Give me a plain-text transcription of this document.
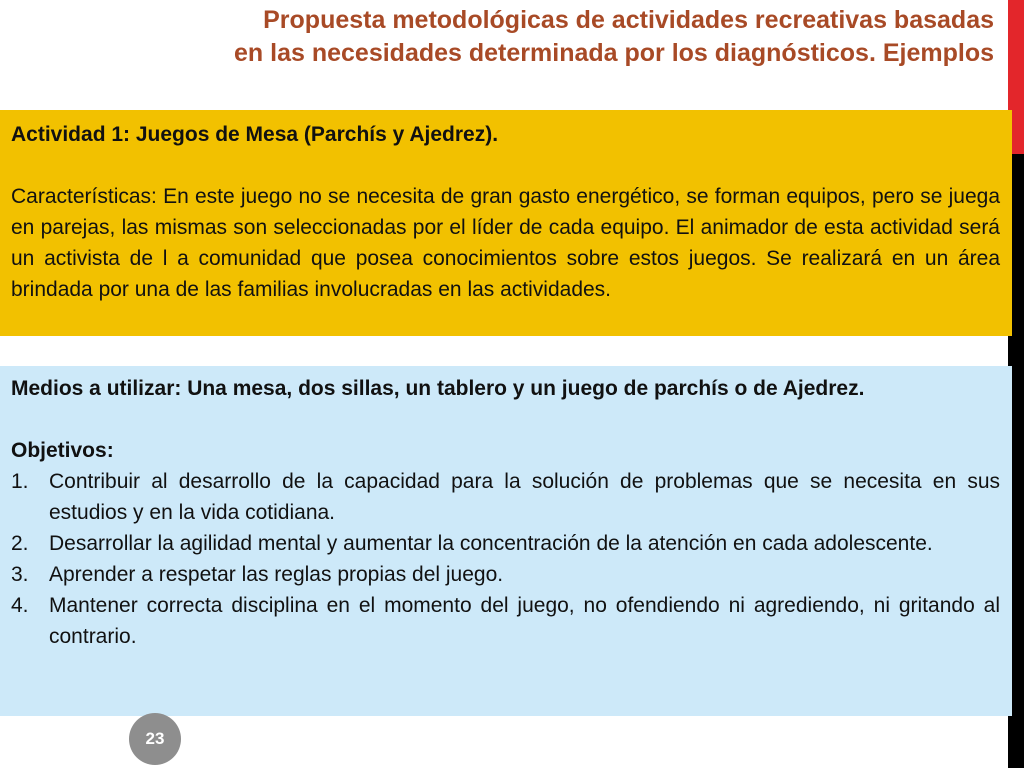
Propuesta metodológicas de actividades recreativas basadas en las necesidades determinada por los diagnósticos. Ejemplos

Actividad 1: Juegos de Mesa (Parchís y Ajedrez).

Características: En este juego no se necesita de gran gasto energético, se forman equipos, pero se juega en parejas, las mismas son seleccionadas por el líder de cada equipo. El animador de esta actividad será un activista de l a comunidad que posea conocimientos sobre estos juegos. Se realizará en un área brindada por una de las familias involucradas en las actividades.

Medios a utilizar: Una mesa, dos sillas, un tablero y un juego de parchís o de Ajedrez.

Objetivos:

1. Contribuir al desarrollo de la capacidad para la solución de problemas que se necesita en sus estudios y en la vida cotidiana.
2. Desarrollar la agilidad mental y aumentar la concentración de la atención en cada adolescente.
3. Aprender a respetar las reglas propias del juego.
4. Mantener correcta disciplina en el momento del juego, no ofendiendo ni agrediendo, ni gritando al contrario.
23
